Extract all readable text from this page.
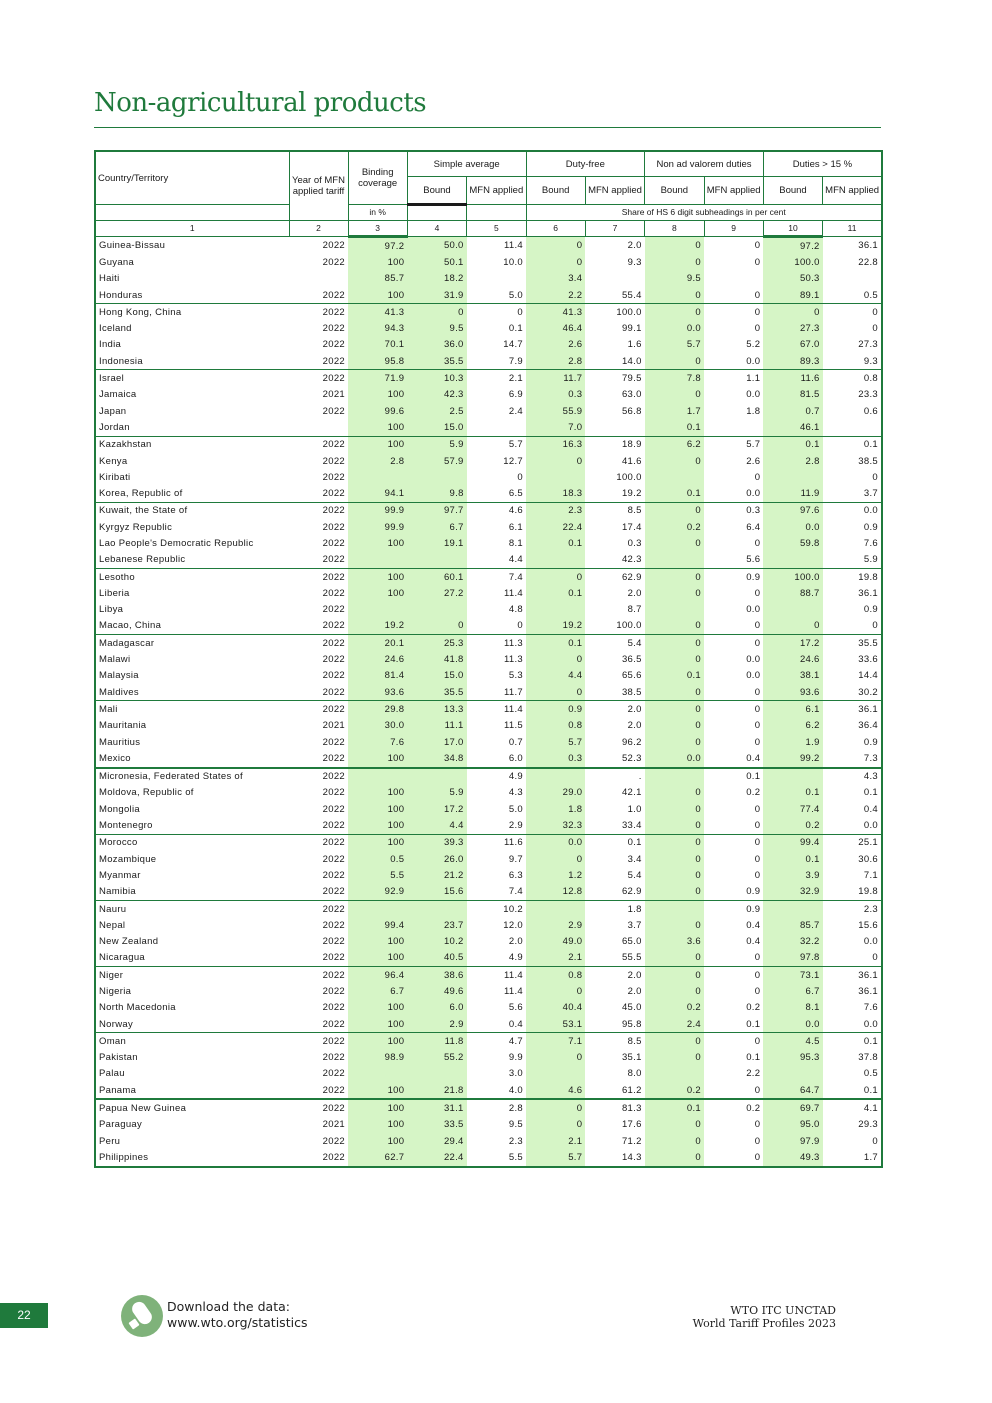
Non-agricultural products
Country/Territory	Year of MFN applied tariff	Binding coverage	Simple average		Duty-free		Non ad valorem duties		Duties > 15 %	
			Bound	MFN applied	Bound	MFN applied	Bound	MFN applied	Bound	MFN applied
		in %			Share of HS 6 digit subheadings in per cent					
1	2	3	4	5	6	7	8	9	10	11
Guinea-Bissau	2022	97.2	50.0	11.4	0	2.0	0	0	97.2	36.1
Guyana	2022	100	50.1	10.0	0	9.3	0	0	100.0	22.8
Haiti		85.7	18.2		3.4		9.5		50.3	
Honduras	2022	100	31.9	5.0	2.2	55.4	0	0	89.1	0.5
Hong Kong, China	2022	41.3	0	0	41.3	100.0	0	0	0	0
Iceland	2022	94.3	9.5	0.1	46.4	99.1	0.0	0	27.3	0
India	2022	70.1	36.0	14.7	2.6	1.6	5.7	5.2	67.0	27.3
Indonesia	2022	95.8	35.5	7.9	2.8	14.0	0	0.0	89.3	9.3
Israel	2022	71.9	10.3	2.1	11.7	79.5	7.8	1.1	11.6	0.8
Jamaica	2021	100	42.3	6.9	0.3	63.0	0	0.0	81.5	23.3
Japan	2022	99.6	2.5	2.4	55.9	56.8	1.7	1.8	0.7	0.6
Jordan		100	15.0		7.0		0.1		46.1	
Kazakhstan	2022	100	5.9	5.7	16.3	18.9	6.2	5.7	0.1	0.1
Kenya	2022	2.8	57.9	12.7	0	41.6	0	2.6	2.8	38.5
Kiribati	2022			0		100.0		0		0
Korea, Republic of	2022	94.1	9.8	6.5	18.3	19.2	0.1	0.0	11.9	3.7
Kuwait, the State of	2022	99.9	97.7	4.6	2.3	8.5	0	0.3	97.6	0.0
Kyrgyz Republic	2022	99.9	6.7	6.1	22.4	17.4	0.2	6.4	0.0	0.9
Lao People's Democratic Republic	2022	100	19.1	8.1	0.1	0.3	0	0	59.8	7.6
Lebanese Republic	2022			4.4		42.3		5.6		5.9
Lesotho	2022	100	60.1	7.4	0	62.9	0	0.9	100.0	19.8
Liberia	2022	100	27.2	11.4	0.1	2.0	0	0	88.7	36.1
Libya	2022			4.8		8.7		0.0		0.9
Macao, China	2022	19.2	0	0	19.2	100.0	0	0	0	0
Madagascar	2022	20.1	25.3	11.3	0.1	5.4	0	0	17.2	35.5
Malawi	2022	24.6	41.8	11.3	0	36.5	0	0.0	24.6	33.6
Malaysia	2022	81.4	15.0	5.3	4.4	65.6	0.1	0.0	38.1	14.4
Maldives	2022	93.6	35.5	11.7	0	38.5	0	0	93.6	30.2
Mali	2022	29.8	13.3	11.4	0.9	2.0	0	0	6.1	36.1
Mauritania	2021	30.0	11.1	11.5	0.8	2.0	0	0	6.2	36.4
Mauritius	2022	7.6	17.0	0.7	5.7	96.2	0	0	1.9	0.9
Mexico	2022	100	34.8	6.0	0.3	52.3	0.0	0.4	99.2	7.3
Micronesia, Federated States of	2022			4.9		.		0.1		4.3
Moldova, Republic of	2022	100	5.9	4.3	29.0	42.1	0	0.2	0.1	0.1
Mongolia	2022	100	17.2	5.0	1.8	1.0	0	0	77.4	0.4
Montenegro	2022	100	4.4	2.9	32.3	33.4	0	0	0.2	0.0
Morocco	2022	100	39.3	11.6	0.0	0.1	0	0	99.4	25.1
Mozambique	2022	0.5	26.0	9.7	0	3.4	0	0	0.1	30.6
Myanmar	2022	5.5	21.2	6.3	1.2	5.4	0	0	3.9	7.1
Namibia	2022	92.9	15.6	7.4	12.8	62.9	0	0.9	32.9	19.8
Nauru	2022			10.2		1.8		0.9		2.3
Nepal	2022	99.4	23.7	12.0	2.9	3.7	0	0.4	85.7	15.6
New Zealand	2022	100	10.2	2.0	49.0	65.0	3.6	0.4	32.2	0.0
Nicaragua	2022	100	40.5	4.9	2.1	55.5	0	0	97.8	0
Niger	2022	96.4	38.6	11.4	0.8	2.0	0	0	73.1	36.1
Nigeria	2022	6.7	49.6	11.4	0	2.0	0	0	6.7	36.1
North Macedonia	2022	100	6.0	5.6	40.4	45.0	0.2	0.2	8.1	7.6
Norway	2022	100	2.9	0.4	53.1	95.8	2.4	0.1	0.0	0.0
Oman	2022	100	11.8	4.7	7.1	8.5	0	0	4.5	0.1
Pakistan	2022	98.9	55.2	9.9	0	35.1	0	0.1	95.3	37.8
Palau	2022			3.0		8.0		2.2		0.5
Panama	2022	100	21.8	4.0	4.6	61.2	0.2	0	64.7	0.1
Papua New Guinea	2022	100	31.1	2.8	0	81.3	0.1	0.2	69.7	4.1
Paraguay	2021	100	33.5	9.5	0	17.6	0	0	95.0	29.3
Peru	2022	100	29.4	2.3	2.1	71.2	0	0	97.9	0
Philippines	2022	62.7	22.4	5.5	5.7	14.3	0	0	49.3	1.7
22
Download the data:
www.wto.org/statistics
WTO ITC UNCTAD
World Tariff Profiles 2023
